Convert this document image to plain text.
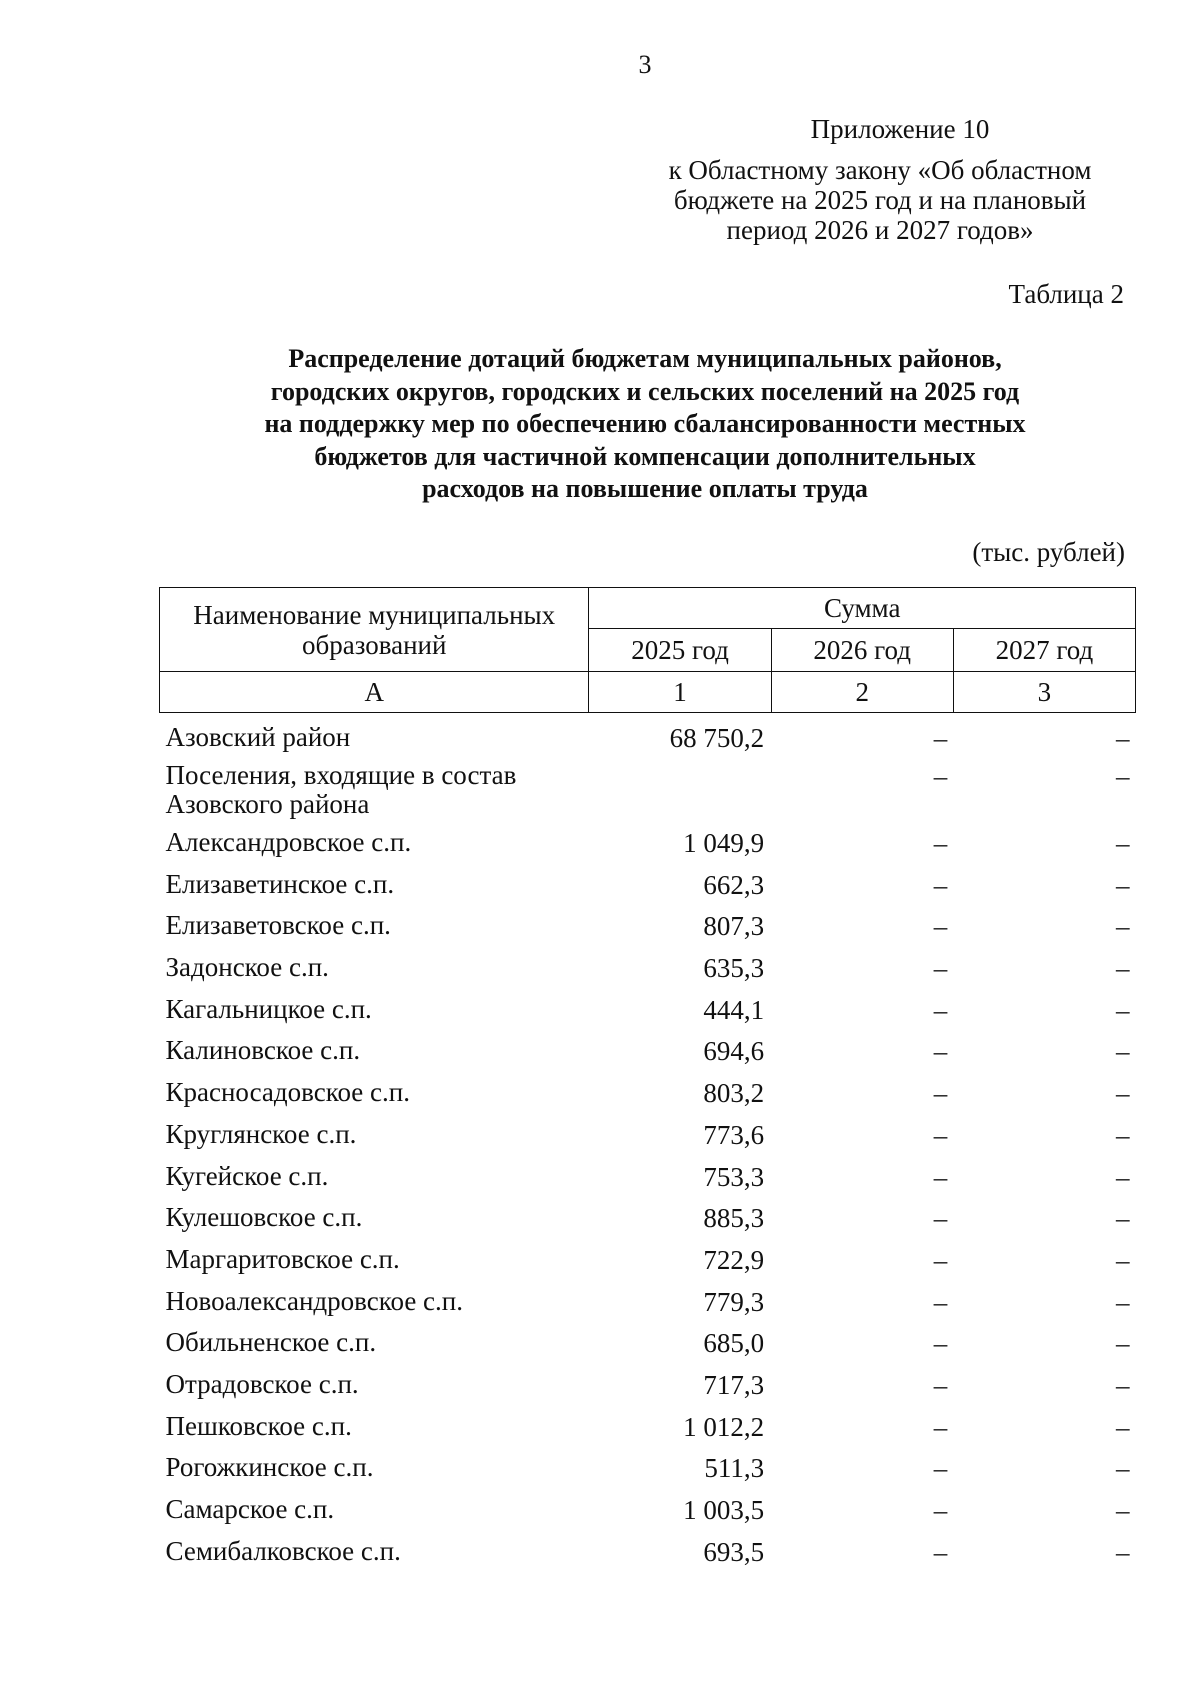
3
Приложение 10
к Областному закону «Об областном
бюджете на 2025 год и на плановый
период 2026 и 2027 годов»
Таблица 2
Распределение дотаций бюджетам муниципальных районов,
городских округов, городских и сельских поселений на 2025 год
на поддержку мер по обеспечению сбалансированности местных
бюджетов для частичной компенсации дополнительных
расходов на повышение оплаты труда
(тыс. рублей)
Наименование муниципальных
образований	Сумма		
	2025 год	2026 год	2027 год
А	1	2	3

Азовский район	68 750,2	–	–

Поселения, входящие в состав
Азовского района		–	–

Александровское с.п.	1 049,9	–	–

Елизаветинское с.п.	662,3	–	–

Елизаветовское с.п.	807,3	–	–

Задонское с.п.	635,3	–	–

Кагальницкое с.п.	444,1	–	–

Калиновское с.п.	694,6	–	–

Красносадовское с.п.	803,2	–	–

Круглянское с.п.	773,6	–	–

Кугейское с.п.	753,3	–	–

Кулешовское с.п.	885,3	–	–

Маргаритовское с.п.	722,9	–	–

Новоалександровское с.п.	779,3	–	–

Обильненское с.п.	685,0	–	–

Отрадовское с.п.	717,3	–	–

Пешковское с.п.	1 012,2	–	–

Рогожкинское с.п.	511,3	–	–

Самарское с.п.	1 003,5	–	–

Семибалковское с.п.	693,5	–	–
